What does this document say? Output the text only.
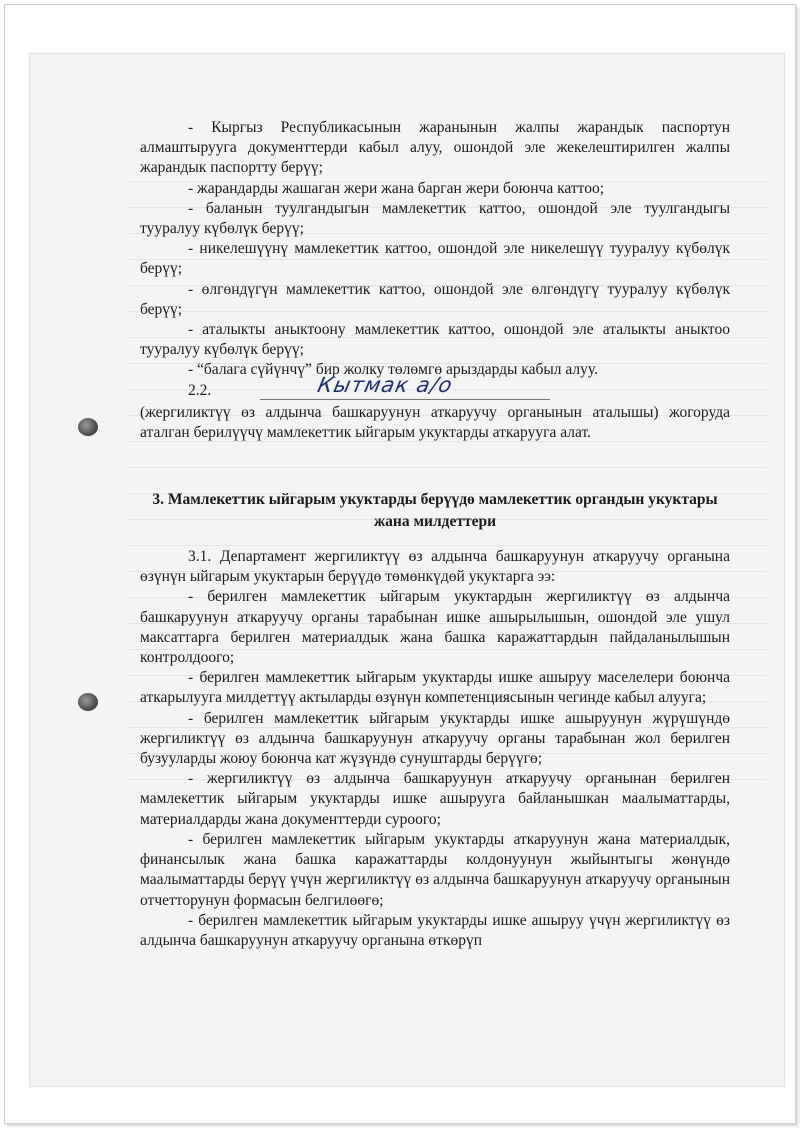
- Кыргыз Республикасынын жаранынын жалпы жарандык паспортун алмаштырууга документтерди кабыл алуу, ошондой эле жекелештирилген жалпы жарандык паспортту берүү;

- жарандарды жашаган жери жана барган жери боюнча каттоо;

- баланын туулгандыгын мамлекеттик каттоо, ошондой эле туулгандыгы тууралуу күбөлүк берүү;

- никелешүүнү мамлекеттик каттоо, ошондой эле никелешүү тууралуу күбөлүк берүү;

- өлгөндүгүн мамлекеттик каттоо, ошондой эле өлгөндүгү тууралуу күбөлүк берүү;

- аталыкты аныктоону мамлекеттик каттоо, ошондой эле аталыкты аныктоо тууралуу күбөлүк берүү;

- “балага сүйүнчү” бир жолку төлөмгө арыздарды кабыл алуу.

2.2.	Кытмак а/о

(жергиликтүү өз алдынча башкаруунун аткаруучу органынын аталышы) жогоруда аталган берилүүчү мамлекеттик ыйгарым укуктарды аткарууга алат.

3. Мамлекеттик ыйгарым укуктарды берүүдө мамлекеттик органдын укуктары жана милдеттери

3.1. Департамент жергиликтүү өз алдынча башкаруунун аткаруучу органына өзүнүн ыйгарым укуктарын берүүдө төмөнкүдөй укуктарга ээ:

- берилген мамлекеттик ыйгарым укуктардын жергиликтүү өз алдынча башкаруунун аткаруучу органы тарабынан ишке ашырылышын, ошондой эле ушул максаттарга берилген материалдык жана башка каражаттардын пайдаланылышын контролдоого;

- берилген мамлекеттик ыйгарым укуктарды ишке ашыруу маселелери боюнча аткарылууга милдеттүү актыларды өзүнүн компетенциясынын чегинде кабыл алууга;

- берилген мамлекеттик ыйгарым укуктарды ишке ашыруунун жүрүшүндө жергиликтүү өз алдынча башкаруунун аткаруучу органы тарабынан жол берилген бузууларды жоюу боюнча кат жүзүндө сунуштарды берүүгө;

- жергиликтүү өз алдынча башкаруунун аткаруучу органынан берилген мамлекеттик ыйгарым укуктарды ишке ашырууга байланышкан маалыматтарды, материалдарды жана документтерди суроого;

- берилген мамлекеттик ыйгарым укуктарды аткаруунун жана материалдык, финансылык жана башка каражаттарды колдонуунун жыйынтыгы жөнүндө маалыматтарды берүү үчүн жергиликтүү өз алдынча башкаруунун аткаруучу органынын отчетторунун формасын белгилөөгө;

- берилген мамлекеттик ыйгарым укуктарды ишке ашыруу үчүн жергиликтүү өз алдынча башкаруунун аткаруучу органына өткөрүп
